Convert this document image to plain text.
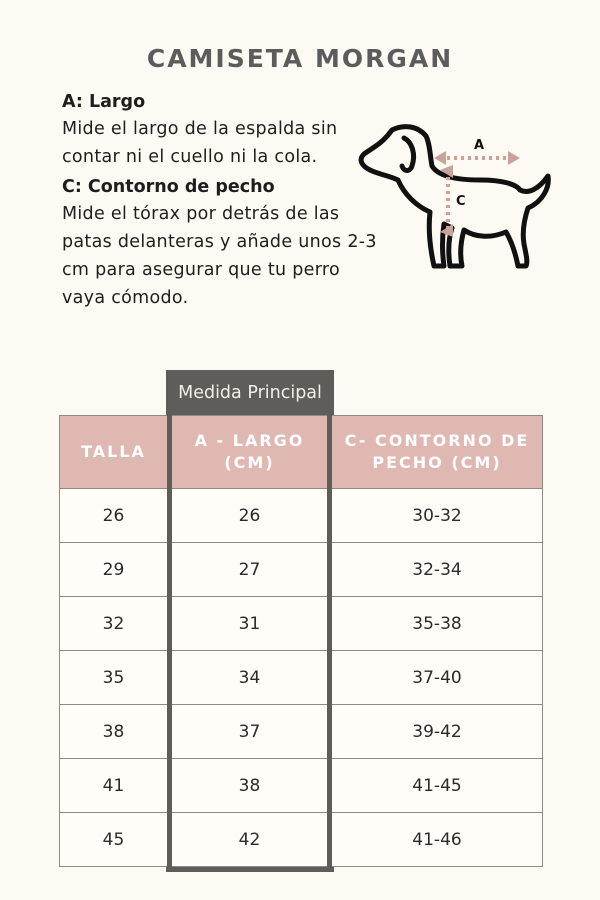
CAMISETA MORGAN
A: Largo

Mide el largo de la espalda sin contar ni el cuello ni la cola.

C: Contorno de pecho

Mide el tórax por detrás de las patas delanteras y añade unos 2-3 cm para asegurar que tu perro vaya cómodo.

A
C
Medida Principal
TALLA	A - LARGO (CM)	C- CONTORNO DE PECHO (CM)
26	26	30-32
29	27	32-34
32	31	35-38
35	34	37-40
38	37	39-42
41	38	41-45
45	42	41-46
